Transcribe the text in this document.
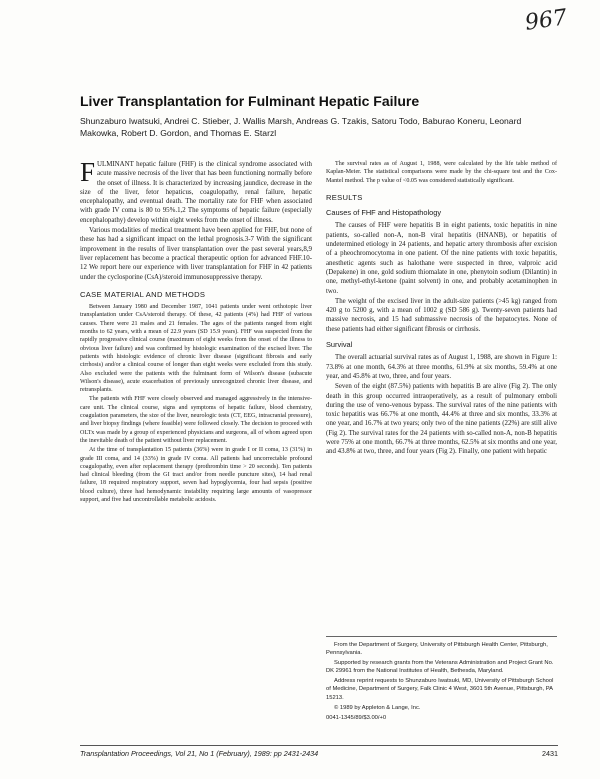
967
Liver Transplantation for Fulminant Hepatic Failure
Shunzaburo Iwatsuki, Andrei C. Stieber, J. Wallis Marsh, Andreas G. Tzakis, Satoru Todo, Baburao Koneru, Leonard Makowka, Robert D. Gordon, and Thomas E. Starzl

FULMINANT hepatic failure (FHF) is the clinical syndrome associated with acute massive necrosis of the liver that has been functioning normally before the onset of illness. It is characterized by increasing jaundice, decrease in the size of the liver, fetor hepaticus, coagulopathy, renal failure, hepatic encephalopathy, and eventual death. The mortality rate for FHF when associated with grade IV coma is 80 to 95%.1,2 The symptoms of hepatic failure (especially encephalopathy) develop within eight weeks from the onset of illness.

Various modalities of medical treatment have been applied for FHF, but none of these has had a significant impact on the lethal prognosis.3-7 With the significant improvement in the results of liver transplantation over the past several years,8,9 liver replacement has become a practical therapeutic option for advanced FHF.10-12 We report here our experience with liver transplantation for FHF in 42 patients under the cyclosporine (CsA)/steroid immunosuppressive therapy.

CASE MATERIAL AND METHODS

Between January 1980 and December 1987, 1041 patients under went orthotopic liver transplantation under CsA/steroid therapy. Of these, 42 patients (4%) had FHF of various causes. There were 21 males and 21 females. The ages of the patients ranged from eight months to 62 years, with a mean of 22.9 years (SD 15.9 years). FHF was suspected from the rapidly progressive clinical course (maximum of eight weeks from the onset of the illness to obvious liver failure) and was confirmed by histologic examination of the excised liver. The patients with histologic evidence of chronic liver disease (significant fibrosis and early cirrhosis) and/or a clinical course of longer than eight weeks were excluded from this study. Also excluded were the patients with the fulminant form of Wilson's disease (subacute Wilson's disease), acute exacerbation of previously unrecognized chronic liver disease, and retransplants.

The patients with FHF were closely observed and managed aggressively in the intensive-care unit. The clinical course, signs and symptoms of hepatic failure, blood chemistry, coagulation parameters, the size of the liver, neurologic tests (CT, EEG, intracranial pressure), and liver biopsy findings (where feasible) were followed closely. The decision to proceed with OLTx was made by a group of experienced physicians and surgeons, all of whom agreed upon the inevitable death of the patient without liver replacement.

At the time of transplantation 15 patients (36%) were in grade I or II coma, 13 (31%) in grade III coma, and 14 (33%) in grade IV coma. All patients had uncorrectable profound coagulopathy, even after replacement therapy (prothrombin time > 20 seconds). Ten patients had clinical bleeding (from the GI tract and/or from needle puncture sites), 14 had renal failure, 18 required respiratory support, seven had hypoglycemia, four had sepsis (positive blood culture), three had hemodynamic instability requiring large amounts of vasopressor support, and five had uncontrollable metabolic acidosis.

The survival rates as of August 1, 1988, were calculated by the life table method of Kaplan-Meier. The statistical comparisons were made by the chi-square test and the Cox-Mantel method. The p value of <0.05 was considered statistically significant.

RESULTS
Causes of FHF and Histopathology

The causes of FHF were hepatitis B in eight patients, toxic hepatitis in nine patients, so-called non-A, non-B viral hepatitis (HNANB), or hepatitis of undetermined etiology in 24 patients, and hepatic artery thrombosis after excision of a pheochromocytoma in one patient. Of the nine patients with toxic hepatitis, anesthetic agents such as halothane were suspected in three, valproic acid (Depakene) in one, gold sodium thiomalate in one, phenytoin sodium (Dilantin) in one, methyl-ethyl-ketone (paint solvent) in one, and probably acetaminophen in two.

The weight of the excised liver in the adult-size patients (>45 kg) ranged from 420 g to 5200 g, with a mean of 1002 g (SD 586 g). Twenty-seven patients had massive necrosis, and 15 had submassive necrosis of the hepatocytes. None of these patients had either significant fibrosis or cirrhosis.

Survival

The overall actuarial survival rates as of August 1, 1988, are shown in Figure 1: 73.8% at one month, 64.3% at three months, 61.9% at six months, 59.4% at one year, and 45.8% at two, three, and four years.

Seven of the eight (87.5%) patients with hepatitis B are alive (Fig 2). The only death in this group occurred intraoperatively, as a result of pulmonary emboli during the use of veno-venous bypass. The survival rates of the nine patients with toxic hepatitis was 66.7% at one month, 44.4% at three and six months, 33.3% at one year, and 16.7% at two years; only two of the nine patients (22%) are still alive (Fig 2). The survival rates for the 24 patients with so-called non-A, non-B hepatitis were 75% at one month, 66.7% at three months, 62.5% at six months and one year, and 43.8% at two, three, and four years (Fig 2). Finally, one patient with hepatic

From the Department of Surgery, University of Pittsburgh Health Center, Pittsburgh, Pennsylvania.

Supported by research grants from the Veterans Administration and Project Grant No. DK 29961 from the National Institutes of Health, Bethesda, Maryland.

Address reprint requests to Shunzaburo Iwatsuki, MD, University of Pittsburgh School of Medicine, Department of Surgery, Falk Clinic 4 West, 3601 5th Avenue, Pittsburgh, PA 15213.

© 1989 by Appleton & Lange, Inc.

0041-1345/89/$3.00/+0

Transplantation Proceedings, Vol 21, No 1 (February), 1989: pp 2431-2434	2431
